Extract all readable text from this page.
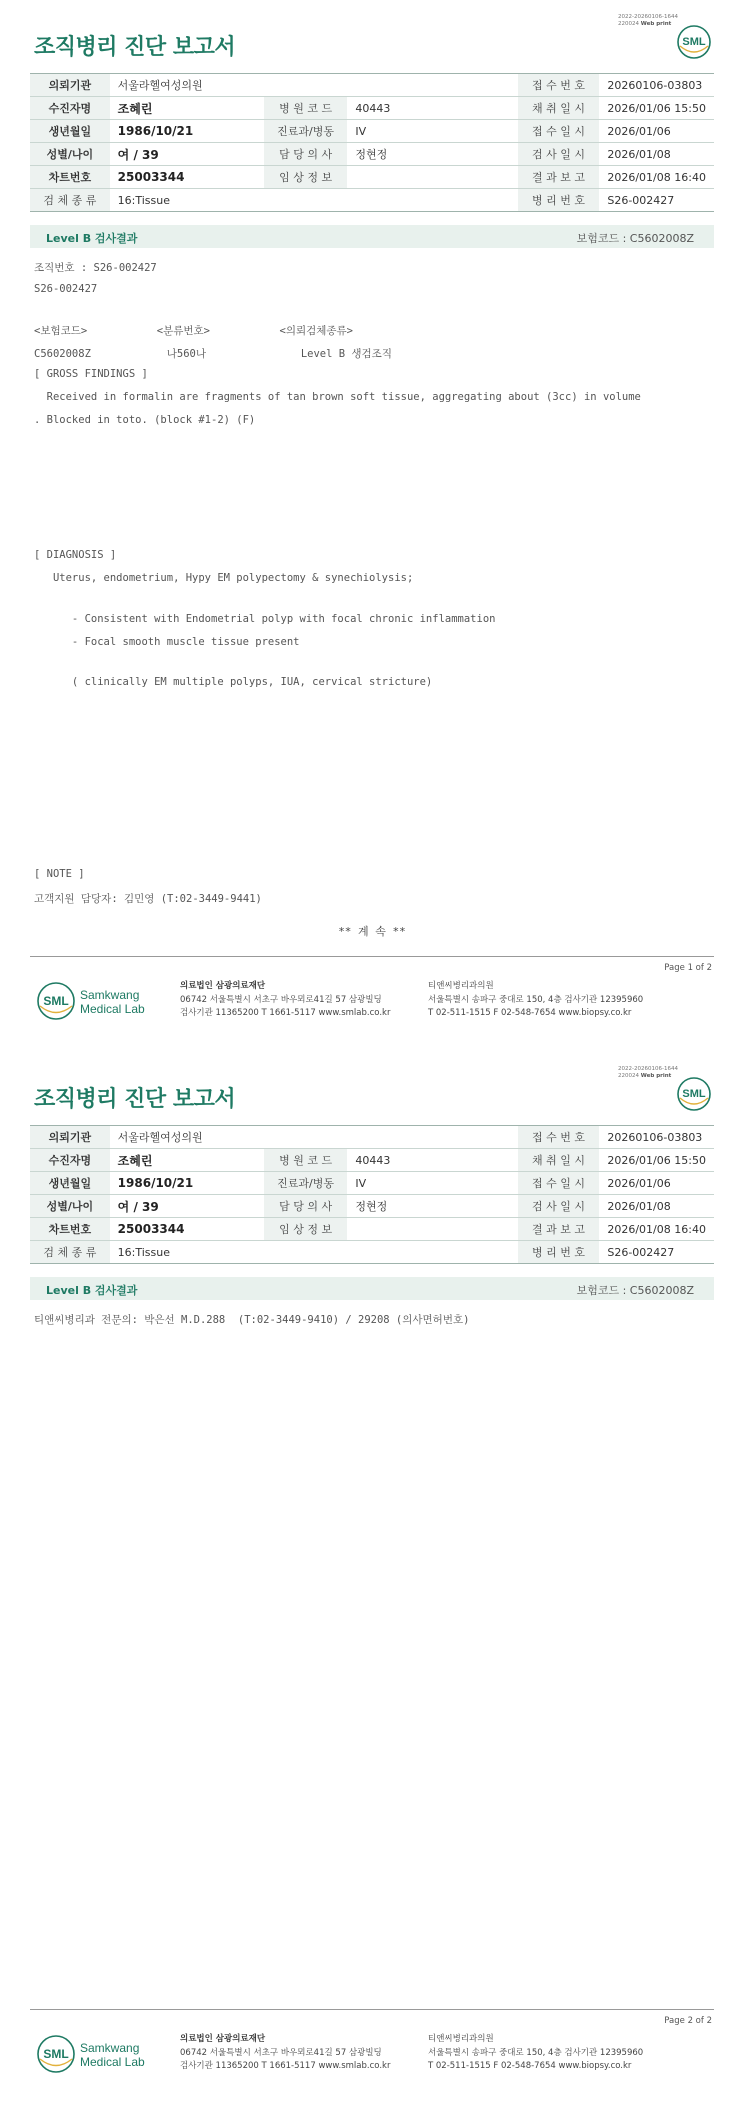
2022-20260106-1644
220024 Web print
조직병리 진단 보고서	SML
의뢰기관	서울라헬여성의원			접 수 번 호	20260106-03803
수진자명	조혜린	병 원 코 드	40443	채 취 일 시	2026/01/06 15:50
생년월일	1986/10/21	진료과/병동	IV	접 수 일 시	2026/01/06
성별/나이	여 / 39	담 당 의 사	정현정	검 사 일 시	2026/01/08
차트번호	25003344	임 상 정 보		결 과 보 고	2026/01/08 16:40
검 체 종 류	16:Tissue			병 리 번 호	S26-002427
Level B 검사결과	보험코드 : C5602008Z
조직번호 : S26-002427
S26-002427
<보험코드>           <분류번호>           <의뢰검체종류>
C5602008Z            나560나               Level B 생검조직
[ GROSS FINDINGS ]
Received in formalin are fragments of tan brown soft tissue, aggregating about (3cc) in volume
. Blocked in toto. (block #1-2) (F)
[ DIAGNOSIS ]
Uterus, endometrium, Hypy EM polypectomy & synechiolysis;
- Consistent with Endometrial polyp with focal chronic inflammation
- Focal smooth muscle tissue present
( clinically EM multiple polyps, IUA, cervical stricture)
[ NOTE ]
고객지원 담당자: 김민영 (T:02-3449-9441)
** 계 속 **
Page 1 of 2
SML Samkwang
Medical Lab
의료법인 삼광의료재단
06742 서울특별시 서초구 바우뫼로41길 57 삼광빌딩
검사기관 11365200 T 1661-5117 www.smlab.co.kr
티앤씨병리과의원
서울특별시 송파구 중대로 150, 4층 검사기관 12395960
T 02-511-1515 F 02-548-7654 www.biopsy.co.kr
2022-20260106-1644
220024 Web print
조직병리 진단 보고서	SML
의뢰기관	서울라헬여성의원			접 수 번 호	20260106-03803
수진자명	조혜린	병 원 코 드	40443	채 취 일 시	2026/01/06 15:50
생년월일	1986/10/21	진료과/병동	IV	접 수 일 시	2026/01/06
성별/나이	여 / 39	담 당 의 사	정현정	검 사 일 시	2026/01/08
차트번호	25003344	임 상 정 보		결 과 보 고	2026/01/08 16:40
검 체 종 류	16:Tissue			병 리 번 호	S26-002427
Level B 검사결과	보험코드 : C5602008Z
티앤씨병리과 전문의: 박은선 M.D.288  (T:02-3449-9410) / 29208 (의사면허번호)
Page 2 of 2
SML Samkwang
Medical Lab
의료법인 삼광의료재단
06742 서울특별시 서초구 바우뫼로41길 57 삼광빌딩
검사기관 11365200 T 1661-5117 www.smlab.co.kr
티앤씨병리과의원
서울특별시 송파구 중대로 150, 4층 검사기관 12395960
T 02-511-1515 F 02-548-7654 www.biopsy.co.kr
